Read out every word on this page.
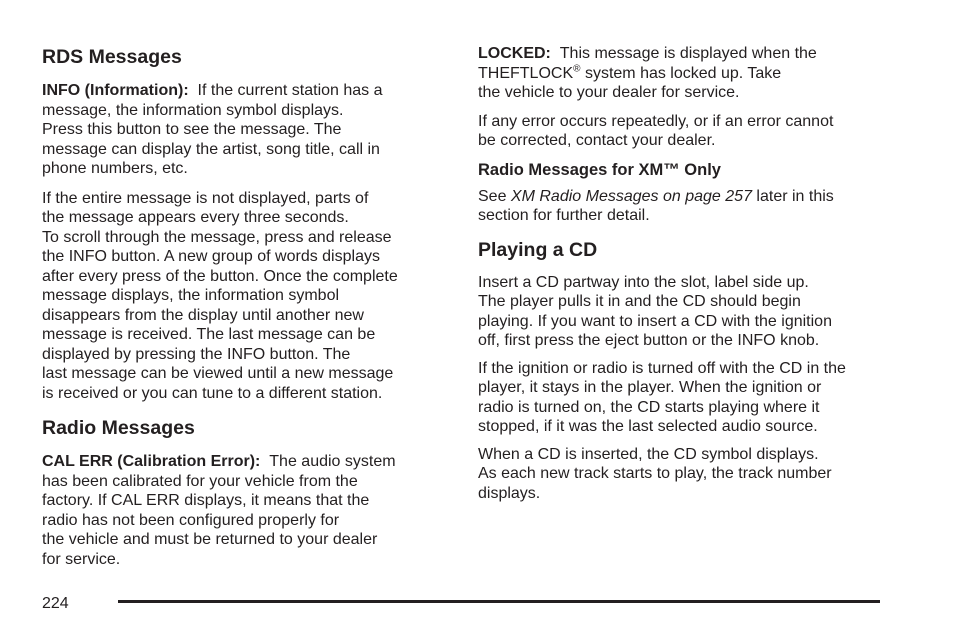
RDS Messages

INFO (Information): If the current station has a
message, the information symbol displays.
Press this button to see the message. The
message can display the artist, song title, call in
phone numbers, etc.

If the entire message is not displayed, parts of
the message appears every three seconds.
To scroll through the message, press and release
the INFO button. A new group of words displays
after every press of the button. Once the complete
message displays, the information symbol
disappears from the display until another new
message is received. The last message can be
displayed by pressing the INFO button. The
last message can be viewed until a new message
is received or you can tune to a different station.

Radio Messages

CAL ERR (Calibration Error): The audio system
has been calibrated for your vehicle from the
factory. If CAL ERR displays, it means that the
radio has not been configured properly for
the vehicle and must be returned to your dealer
for service.

LOCKED: This message is displayed when the
THEFTLOCK® system has locked up. Take
the vehicle to your dealer for service.

If any error occurs repeatedly, or if an error cannot
be corrected, contact your dealer.

Radio Messages for XM™ Only

See XM Radio Messages on page 257 later in this
section for further detail.

Playing a CD

Insert a CD partway into the slot, label side up.
The player pulls it in and the CD should begin
playing. If you want to insert a CD with the ignition
off, first press the eject button or the INFO knob.

If the ignition or radio is turned off with the CD in the
player, it stays in the player. When the ignition or
radio is turned on, the CD starts playing where it
stopped, if it was the last selected audio source.

When a CD is inserted, the CD symbol displays.
As each new track starts to play, the track number
displays.

224
